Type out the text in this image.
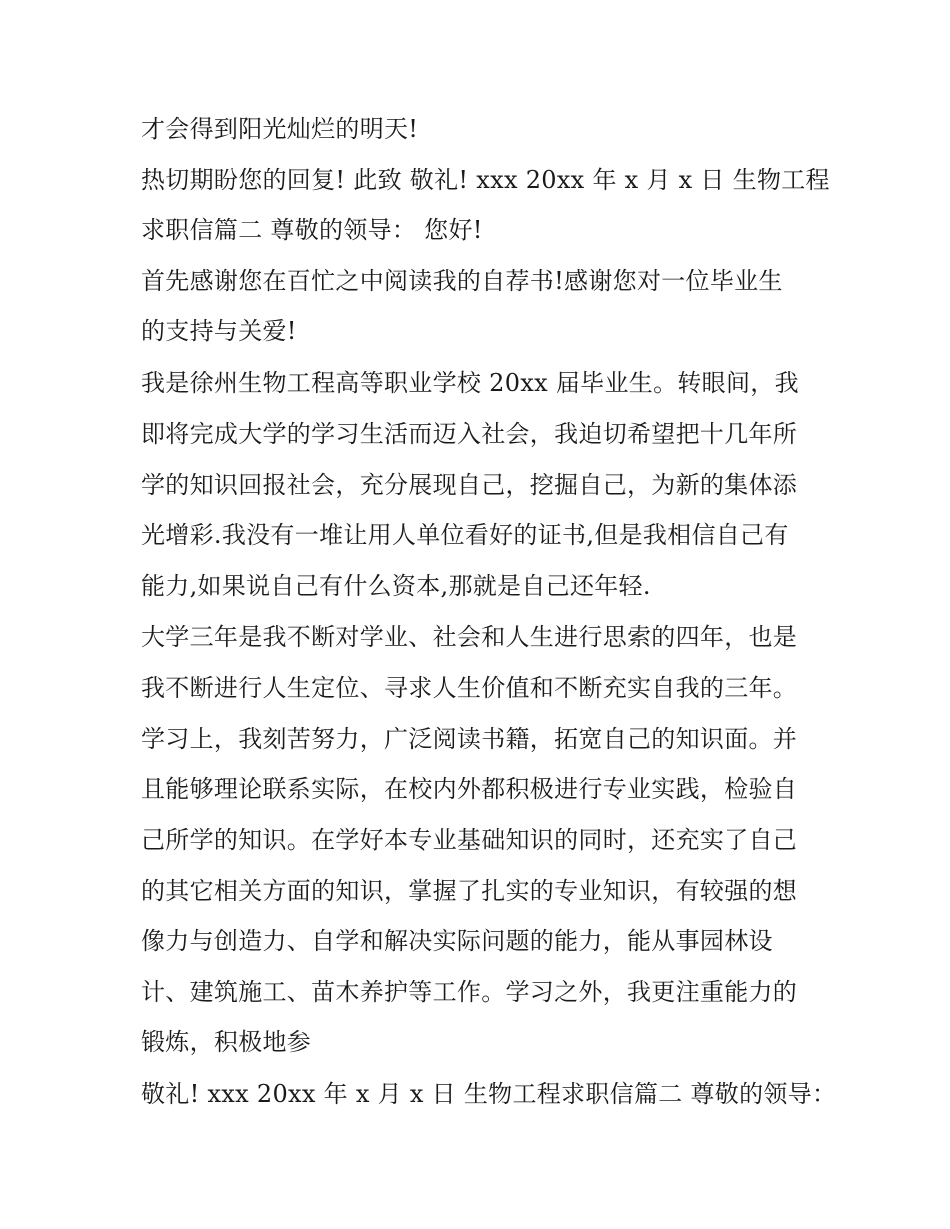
才会得到阳光灿烂的明天!

热切期盼您的回复! 此致 敬礼! xxx 20xx 年 x 月 x 日 生物工程

求职信篇二 尊敬的领导： 您好!

首先感谢您在百忙之中阅读我的自荐书!感谢您对一位毕业生

的支持与关爱!

我是徐州生物工程高等职业学校 20xx 届毕业生。转眼间，我

即将完成大学的学习生活而迈入社会，我迫切希望把十几年所

学的知识回报社会，充分展现自己，挖掘自己，为新的集体添

光增彩.我没有一堆让用人单位看好的证书,但是我相信自己有

能力,如果说自己有什么资本,那就是自己还年轻.

大学三年是我不断对学业、社会和人生进行思索的四年，也是

我不断进行人生定位、寻求人生价值和不断充实自我的三年。

学习上，我刻苦努力，广泛阅读书籍，拓宽自己的知识面。并

且能够理论联系实际，在校内外都积极进行专业实践，检验自

己所学的知识。在学好本专业基础知识的同时，还充实了自己

的其它相关方面的知识，掌握了扎实的专业知识，有较强的想

像力与创造力、自学和解决实际问题的能力，能从事园林设

计、建筑施工、苗木养护等工作。学习之外，我更注重能力的

锻炼，积极地参

敬礼! xxx 20xx 年 x 月 x 日 生物工程求职信篇二 尊敬的领导：
